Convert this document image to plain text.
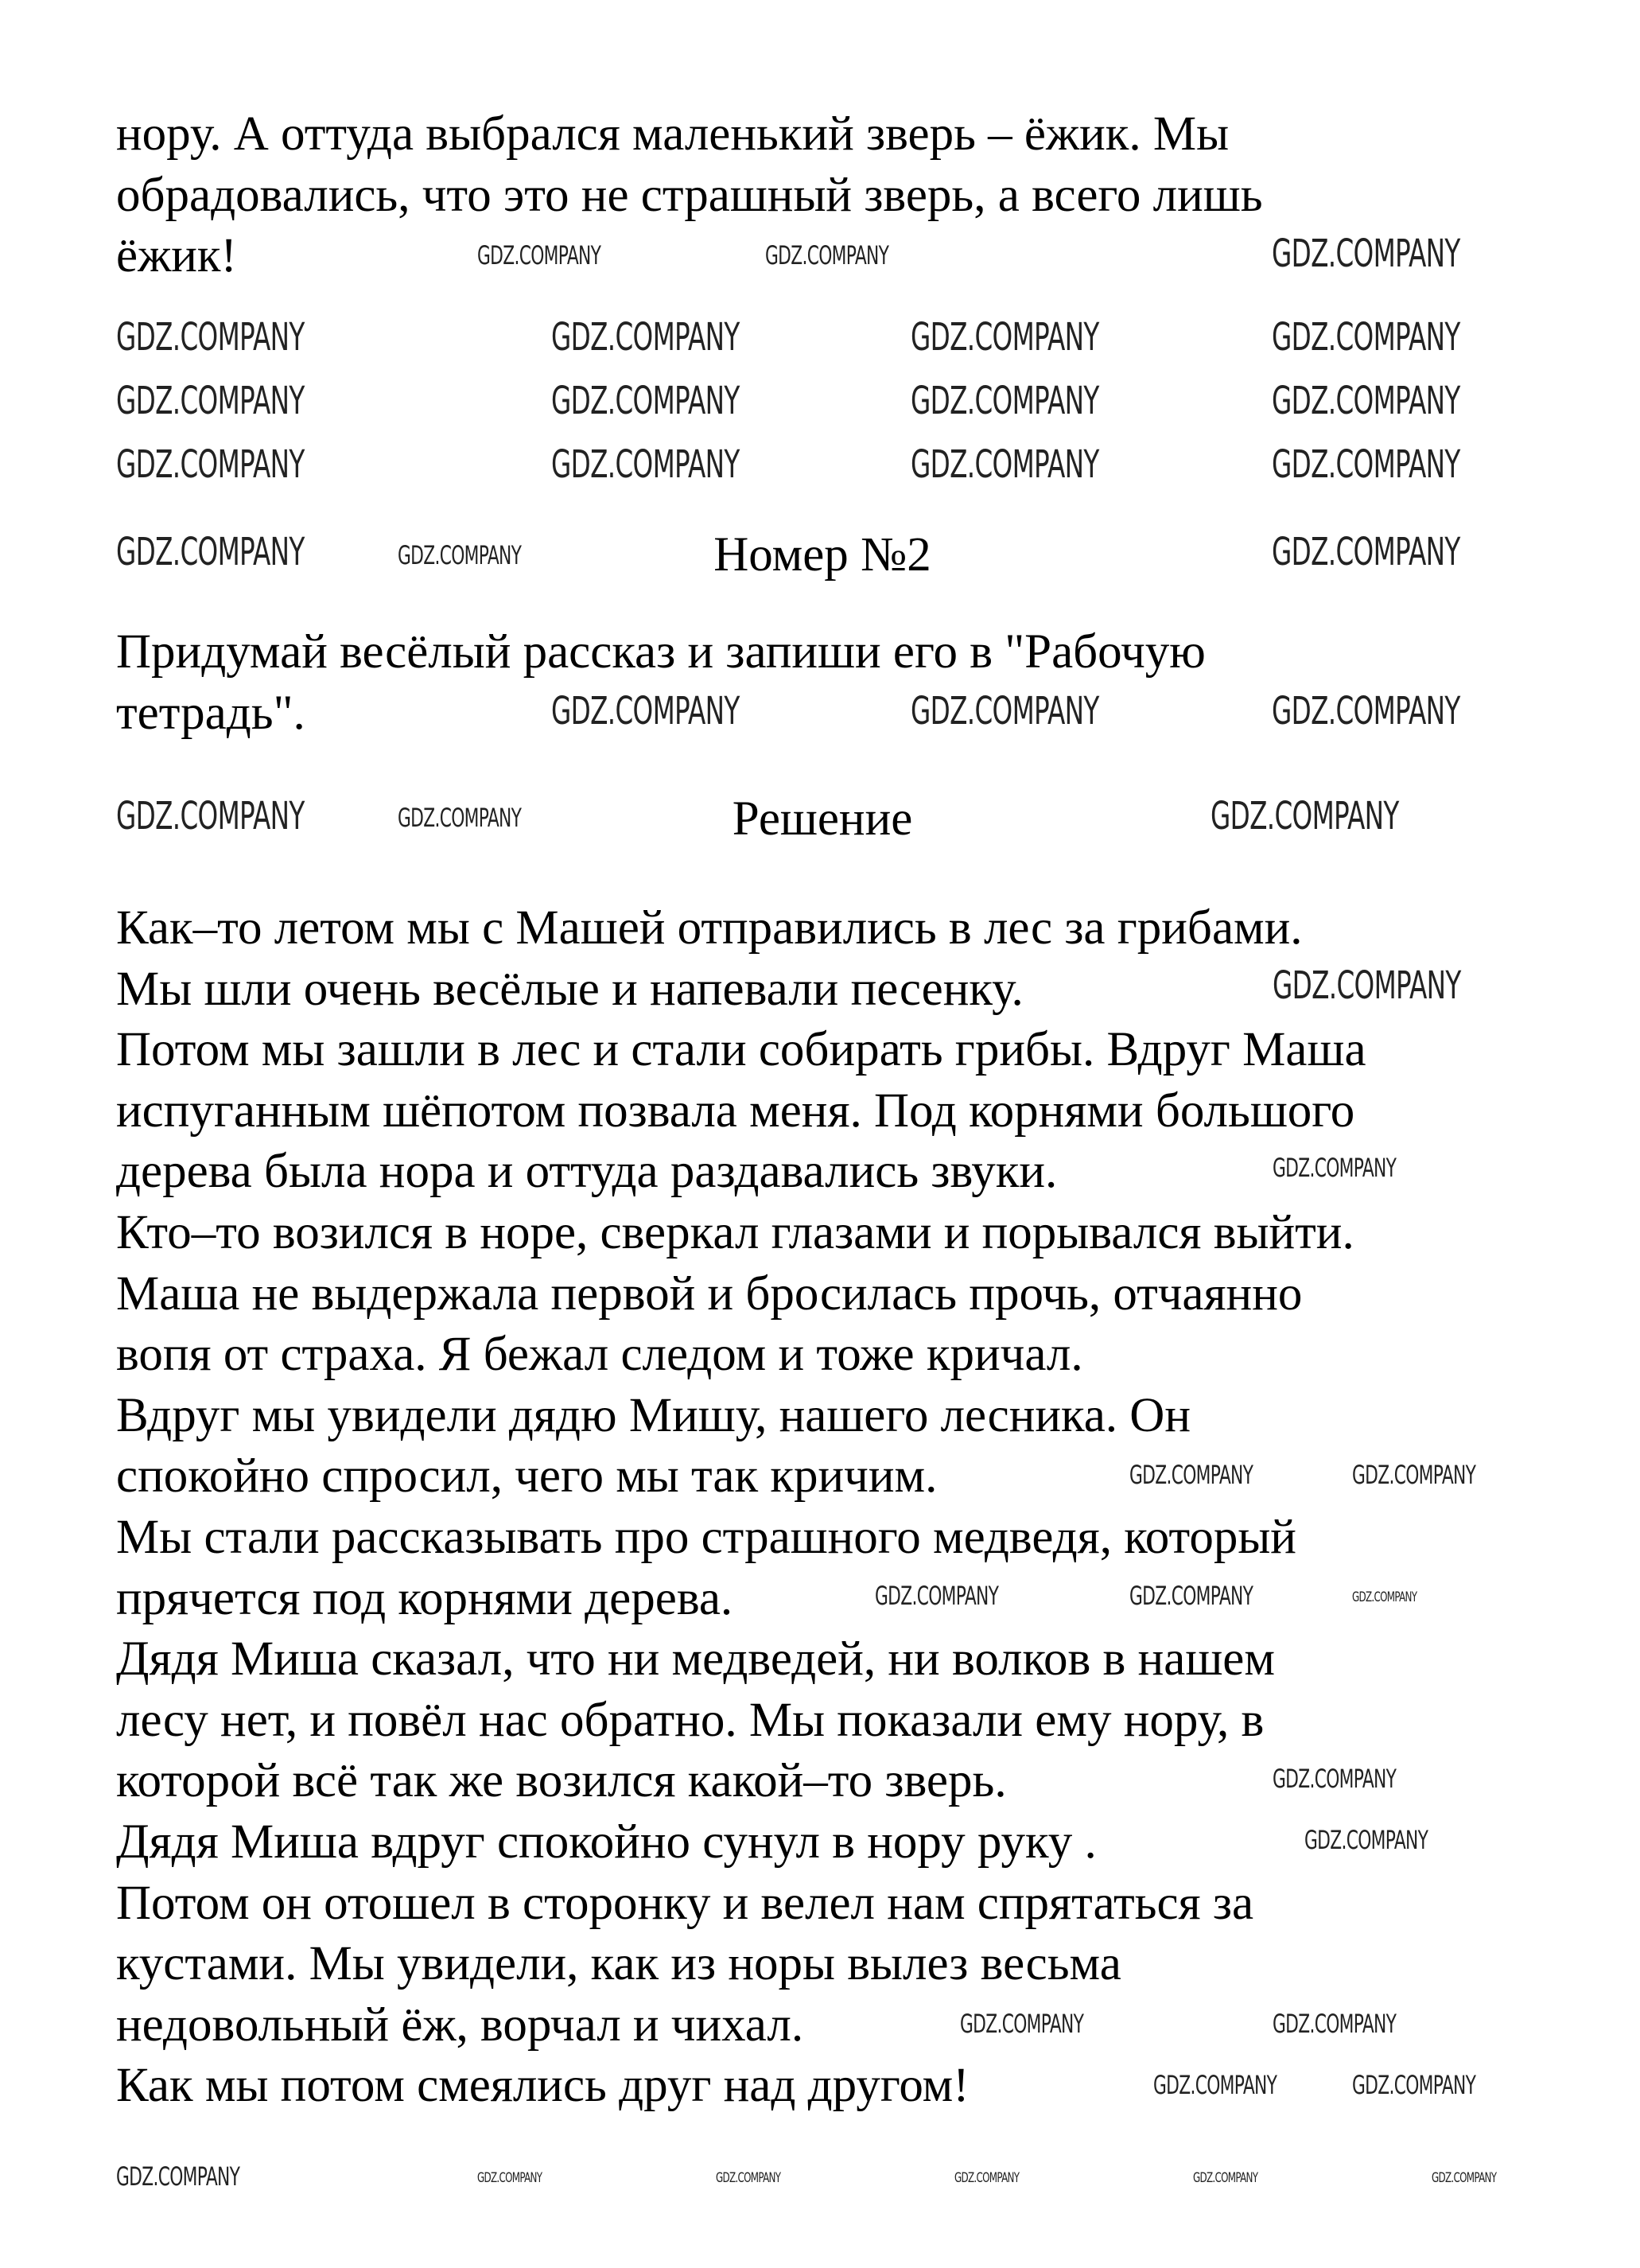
нору. А оттуда выбрался маленький зверь – ёжик. Мы
обрадовались, что это не страшный зверь, а всего лишь
ёжик!
Номер №2
Придумай весёлый рассказ и запиши его в "Рабочую
тетрадь".
Решение
Как–то летом мы с Машей отправились в лес за грибами.
Мы шли очень весёлые и напевали песенку.
Потом мы зашли в лес и стали собирать грибы. Вдруг Маша
испуганным шёпотом позвала меня. Под корнями большого
дерева была нора и оттуда раздавались звуки.
Кто–то возился в норе, сверкал глазами и порывался выйти.
Маша не выдержала первой и бросилась прочь, отчаянно
вопя от страха. Я бежал следом и тоже кричал.
Вдруг мы увидели дядю Мишу, нашего лесника. Он
спокойно спросил, чего мы так кричим.
Мы стали рассказывать про страшного медведя, который
прячется под корнями дерева.
Дядя Миша сказал, что ни медведей, ни волков в нашем
лесу нет, и повёл нас обратно. Мы показали ему нору, в
которой всё так же возился какой–то зверь.
Дядя Миша вдруг спокойно сунул в нору руку .
Потом он отошел в сторонку и велел нам спрятаться за
кустами. Мы увидели, как из норы вылез весьма
недовольный ёж, ворчал и чихал.
Как мы потом смеялись друг над другом!
GDZ.COMPANY	GDZ.COMPANY	GDZ.COMPANY	GDZ.COMPANY
GDZ.COMPANY	GDZ.COMPANY	GDZ.COMPANY	GDZ.COMPANY
GDZ.COMPANY	GDZ.COMPANY	GDZ.COMPANY	GDZ.COMPANY
GDZ.COMPANY
GDZ.COMPANY	GDZ.COMPANY
GDZ.COMPANY	GDZ.COMPANY	GDZ.COMPANY
GDZ.COMPANY	GDZ.COMPANY
GDZ.COMPANY
GDZ.COMPANY	GDZ.COMPANY
GDZ.COMPANY
GDZ.COMPANY
GDZ.COMPANY
GDZ.COMPANY	GDZ.COMPANY
GDZ.COMPANY	GDZ.COMPANY
GDZ.COMPANY
GDZ.COMPANY
GDZ.COMPANY	GDZ.COMPANY
GDZ.COMPANY	GDZ.COMPANY
GDZ.COMPANY
GDZ.COMPANY
GDZ.COMPANY	GDZ.COMPANY	GDZ.COMPANY	GDZ.COMPANY	GDZ.COMPANY
